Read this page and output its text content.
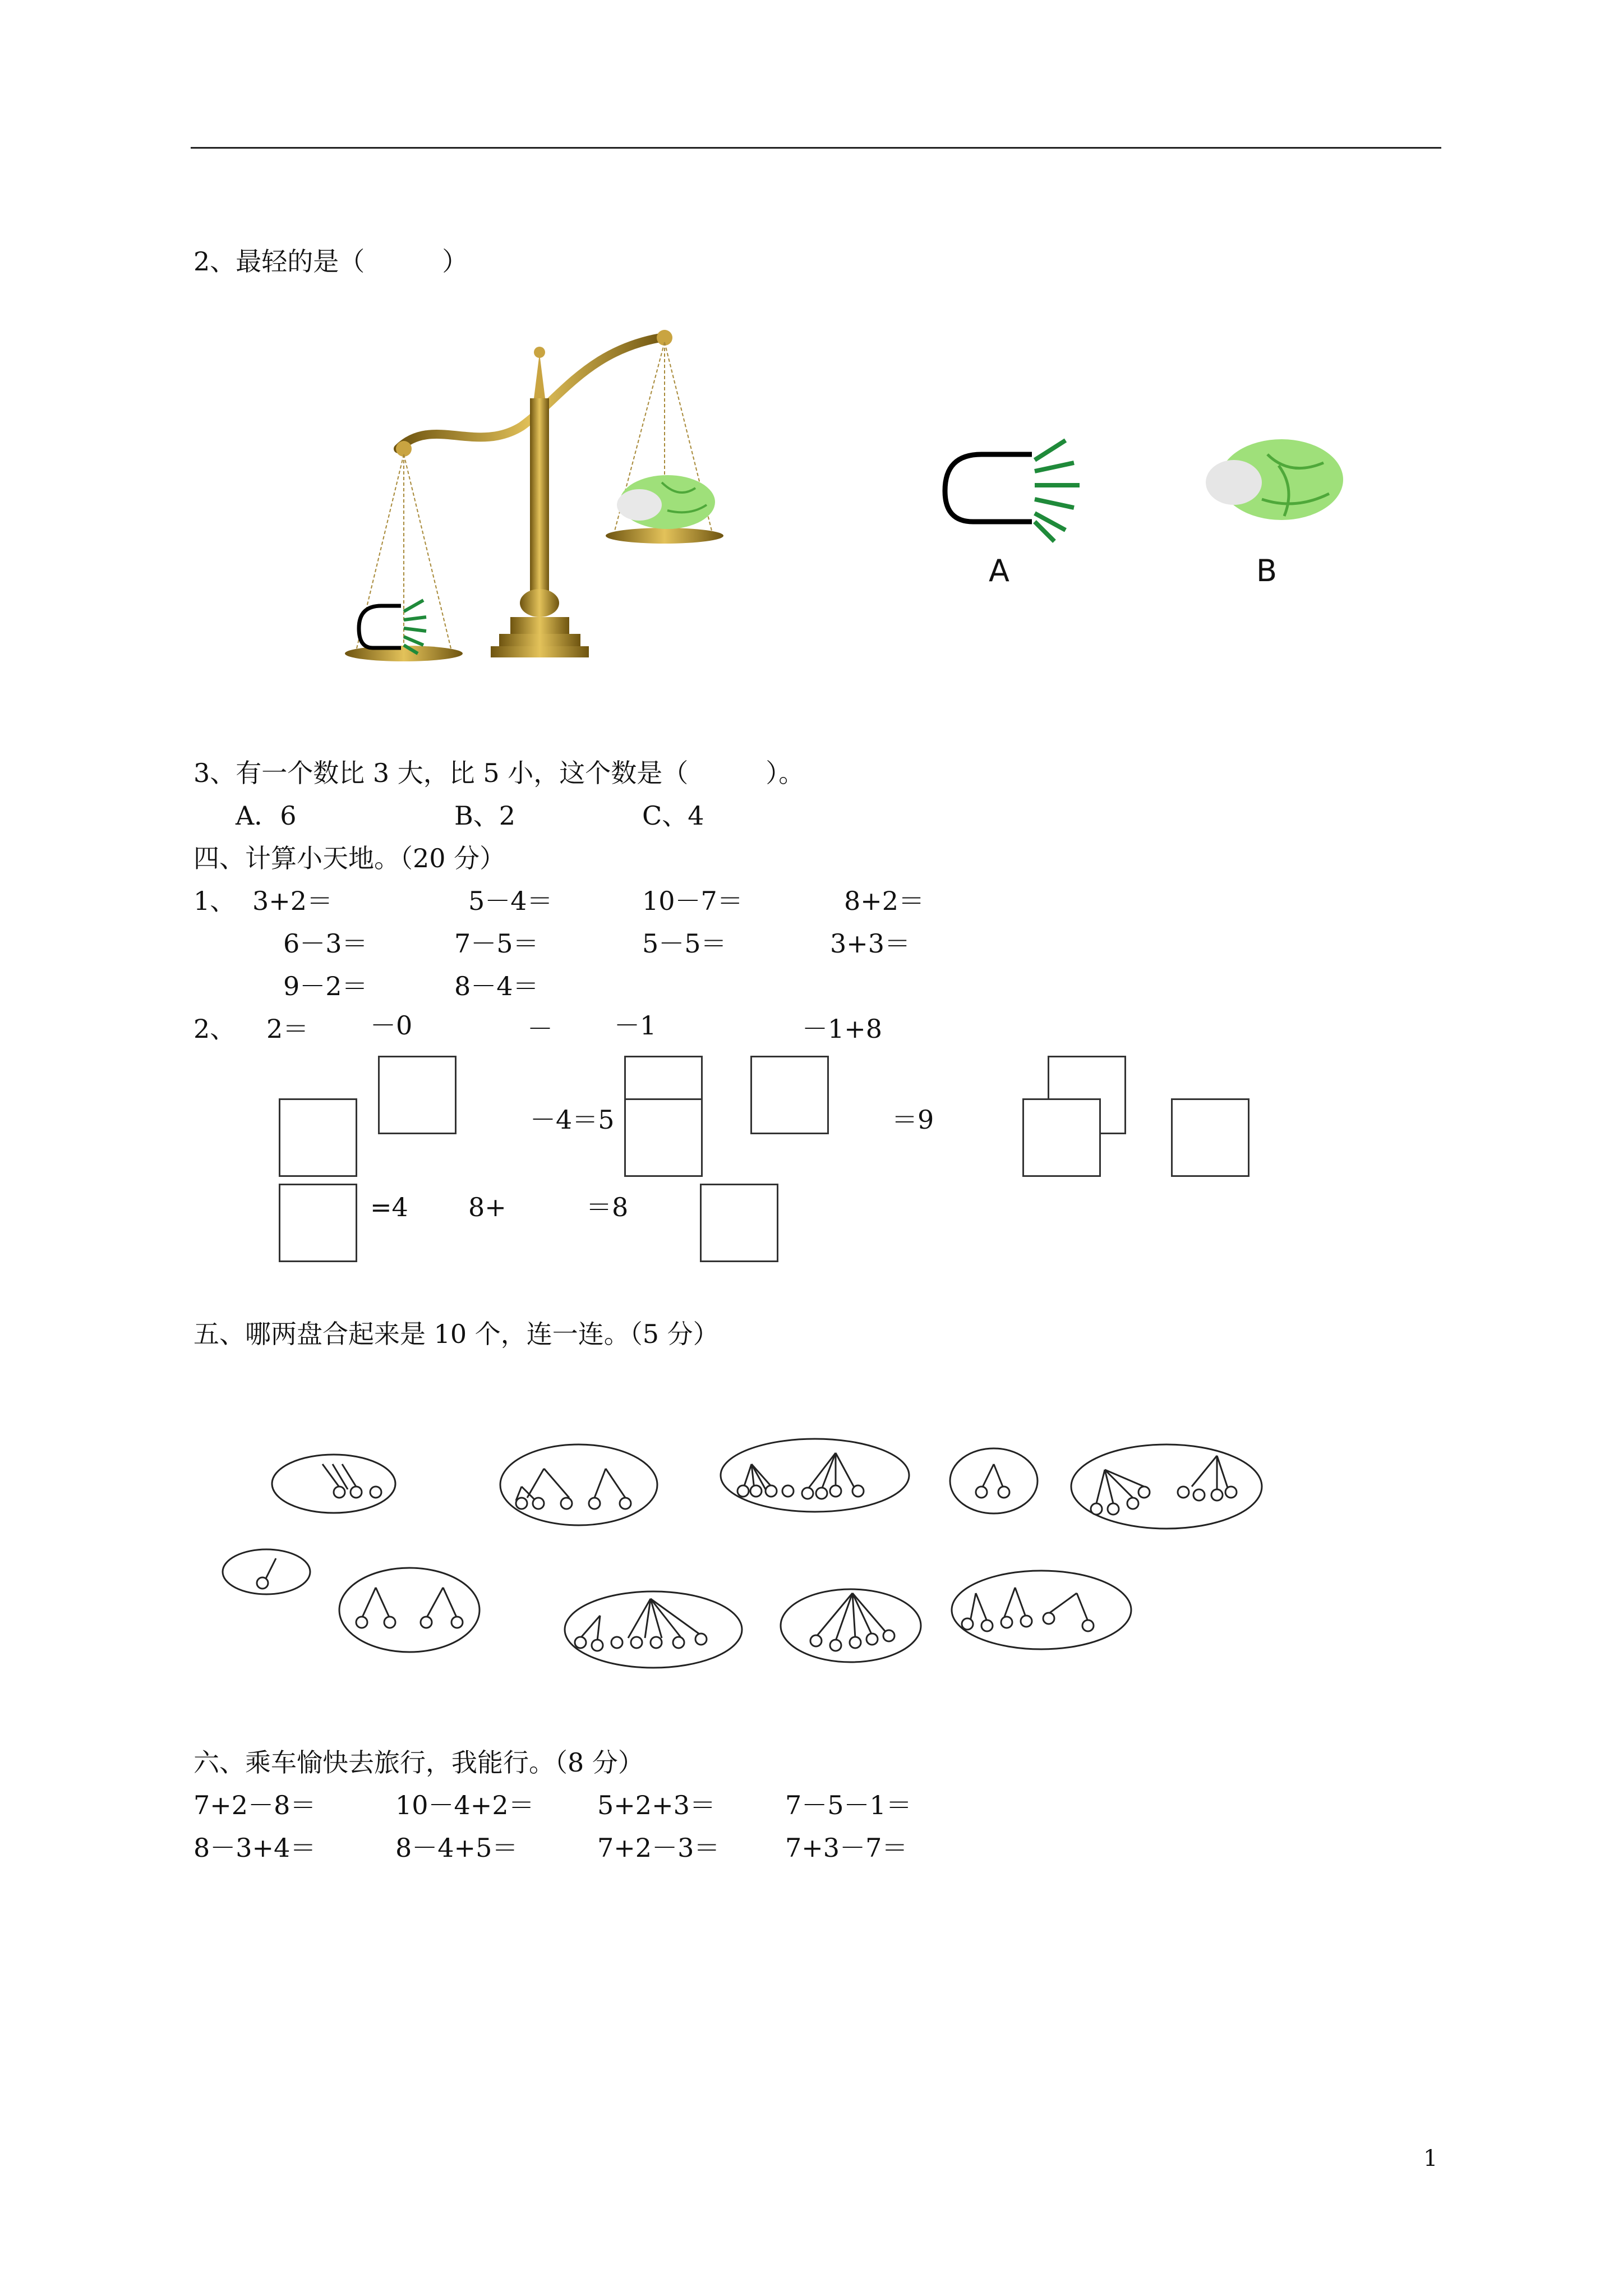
2、最轻的是（　　　）
A	B
3、有一个数比 3 大，比 5 小，这个数是（　　　）。
A．6	B、2	C、4
四、计算小天地。（20 分）
1、 3+2＝	5－4＝	10－7＝	8+2＝
6－3＝	7－5＝	5－5＝	3+3＝
9－2＝	8－4＝
2、 2＝ －0	－ －1	－1+8
－4＝5	＝9
=4 8+	＝8
五、哪两盘合起来是 10 个，连一连。（5 分）
六、乘车愉快去旅行，我能行。（8 分）
7+2－8＝	10－4+2＝ 5+2+3＝	7－5－1＝
8－3+4＝	8－4+5＝	7+2－3＝	7+3－7＝
1
